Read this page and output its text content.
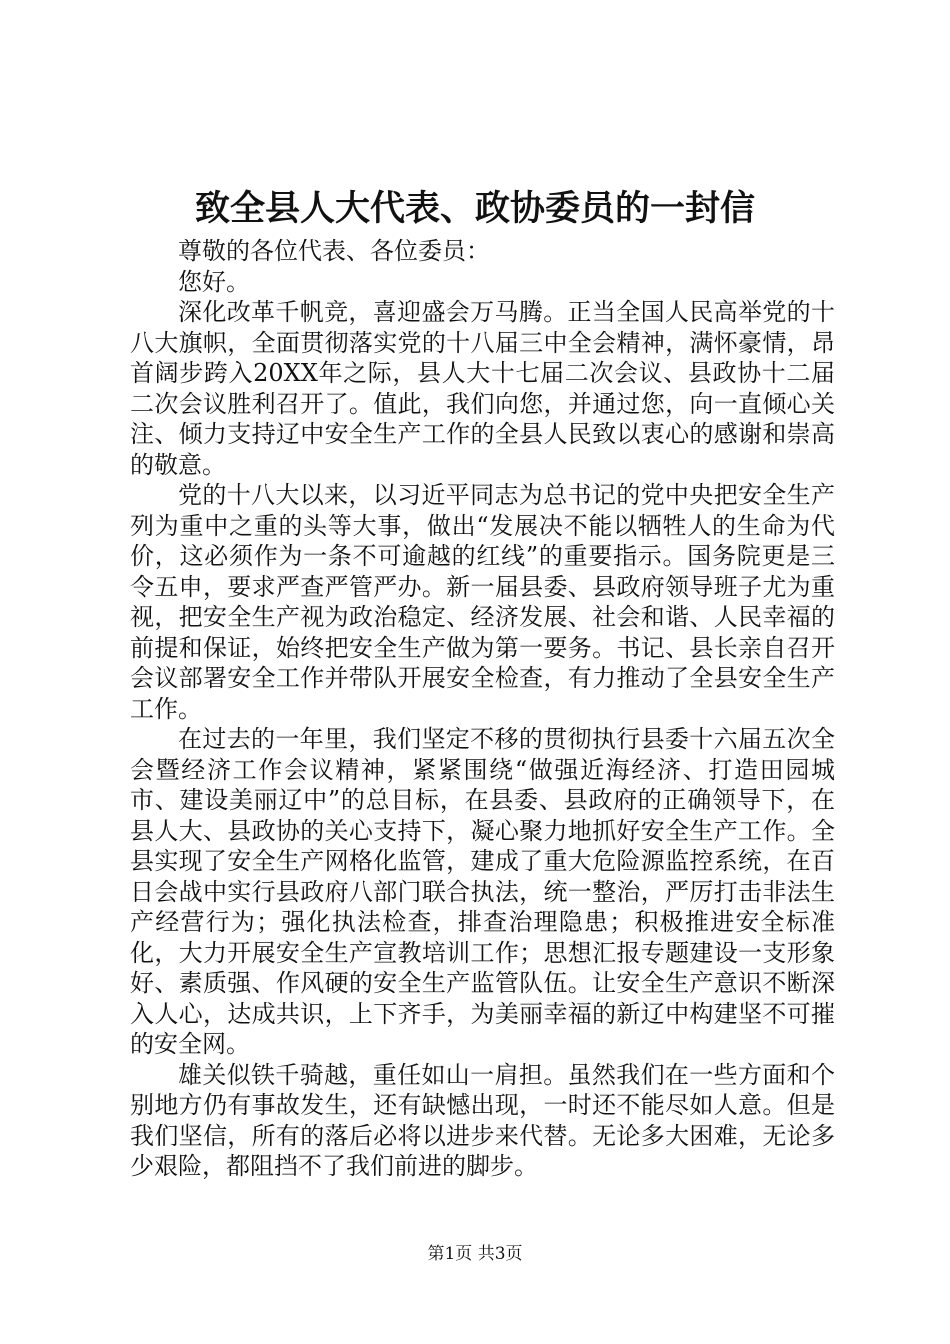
致全县人大代表、政协委员的一封信

尊敬的各位代表、各位委员：

您好。

深化改革千帆竞，喜迎盛会万马腾。正当全国人民高举党的十八大旗帜，全面贯彻落实党的十八届三中全会精神，满怀豪情，昂首阔步跨入20XX年之际，县人大十七届二次会议、县政协十二届二次会议胜利召开了。值此，我们向您，并通过您，向一直倾心关注、倾力支持辽中安全生产工作的全县人民致以衷心的感谢和崇高的敬意。

党的十八大以来，以习近平同志为总书记的党中央把安全生产列为重中之重的头等大事，做出“发展决不能以牺牲人的生命为代价，这必须作为一条不可逾越的红线”的重要指示。国务院更是三令五申，要求严查严管严办。新一届县委、县政府领导班子尤为重视，把安全生产视为政治稳定、经济发展、社会和谐、人民幸福的前提和保证，始终把安全生产做为第一要务。书记、县长亲自召开会议部署安全工作并带队开展安全检查，有力推动了全县安全生产工作。

在过去的一年里，我们坚定不移的贯彻执行县委十六届五次全会暨经济工作会议精神，紧紧围绕“做强近海经济、打造田园城市、建设美丽辽中”的总目标，在县委、县政府的正确领导下，在县人大、县政协的关心支持下，凝心聚力地抓好安全生产工作。全县实现了安全生产网格化监管，建成了重大危险源监控系统，在百日会战中实行县政府八部门联合执法，统一整治，严厉打击非法生产经营行为；强化执法检查，排查治理隐患；积极推进安全标准化，大力开展安全生产宣教培训工作；思想汇报专题建设一支形象好、素质强、作风硬的安全生产监管队伍。让安全生产意识不断深入人心，达成共识，上下齐手，为美丽幸福的新辽中构建坚不可摧的安全网。

雄关似铁千骑越，重任如山一肩担。虽然我们在一些方面和个别地方仍有事故发生，还有缺憾出现，一时还不能尽如人意。但是我们坚信，所有的落后必将以进步来代替。无论多大困难，无论多少艰险，都阻挡不了我们前进的脚步。

第1页 共3页
